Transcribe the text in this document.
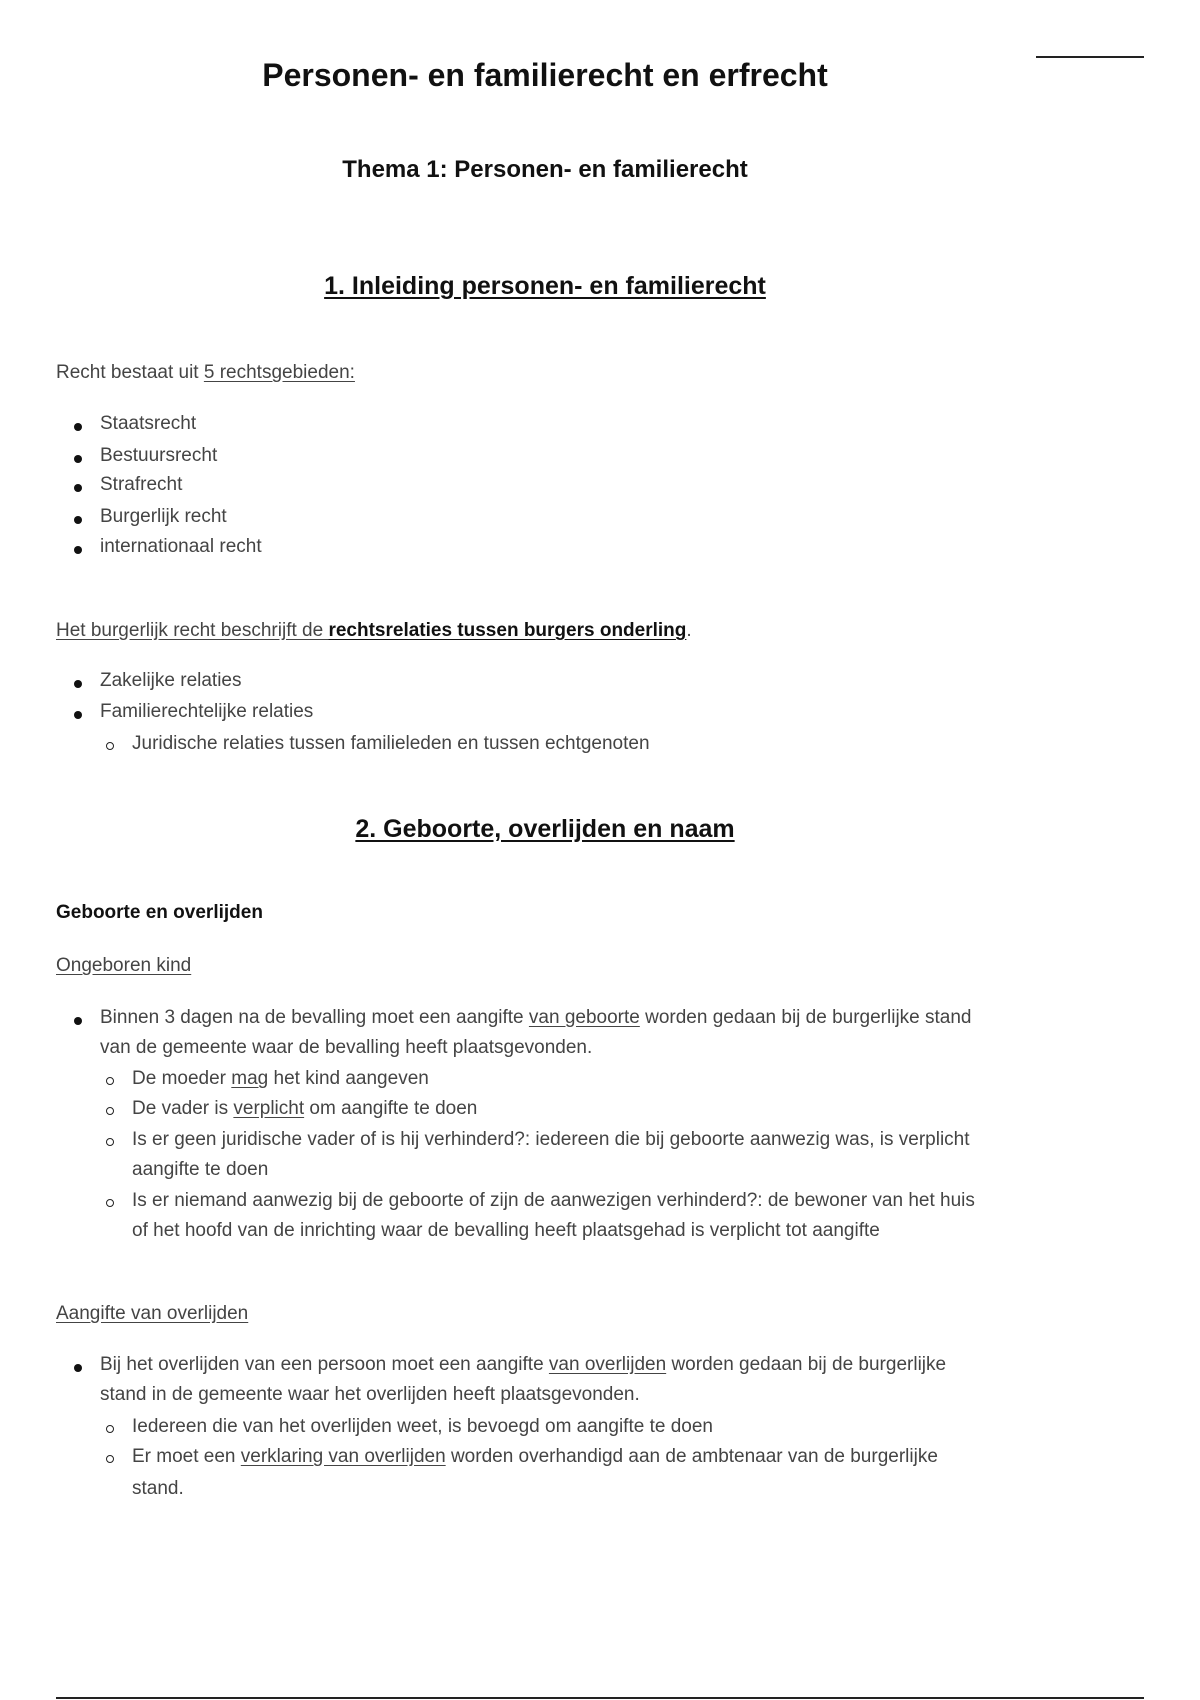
Personen- en familierecht en erfrecht
Thema 1: Personen- en familierecht
1. Inleiding personen- en familierecht

Recht bestaat uit 5 rechtsgebieden:

Staatsrecht
Bestuursrecht
Strafrecht
Burgerlijk recht
internationaal recht

Het burgerlijk recht beschrijft de rechtsrelaties tussen burgers onderling.

Zakelijke relaties
Familierechtelijke relaties
Juridische relaties tussen familieleden en tussen echtgenoten
2. Geboorte, overlijden en naam
Geboorte en overlijden
Ongeboren kind
Binnen 3 dagen na de bevalling moet een aangifte van geboorte worden gedaan bij de burgerlijke stand
van de gemeente waar de bevalling heeft plaatsgevonden.
De moeder mag het kind aangeven
De vader is verplicht om aangifte te doen
Is er geen juridische vader of is hij verhinderd?: iedereen die bij geboorte aanwezig was, is verplicht
aangifte te doen
Is er niemand aanwezig bij de geboorte of zijn de aanwezigen verhinderd?: de bewoner van het huis
of het hoofd van de inrichting waar de bevalling heeft plaatsgehad is verplicht tot aangifte
Aangifte van overlijden
Bij het overlijden van een persoon moet een aangifte van overlijden worden gedaan bij de burgerlijke
stand in de gemeente waar het overlijden heeft plaatsgevonden.
Iedereen die van het overlijden weet, is bevoegd om aangifte te doen
Er moet een verklaring van overlijden worden overhandigd aan de ambtenaar van de burgerlijke
stand.
